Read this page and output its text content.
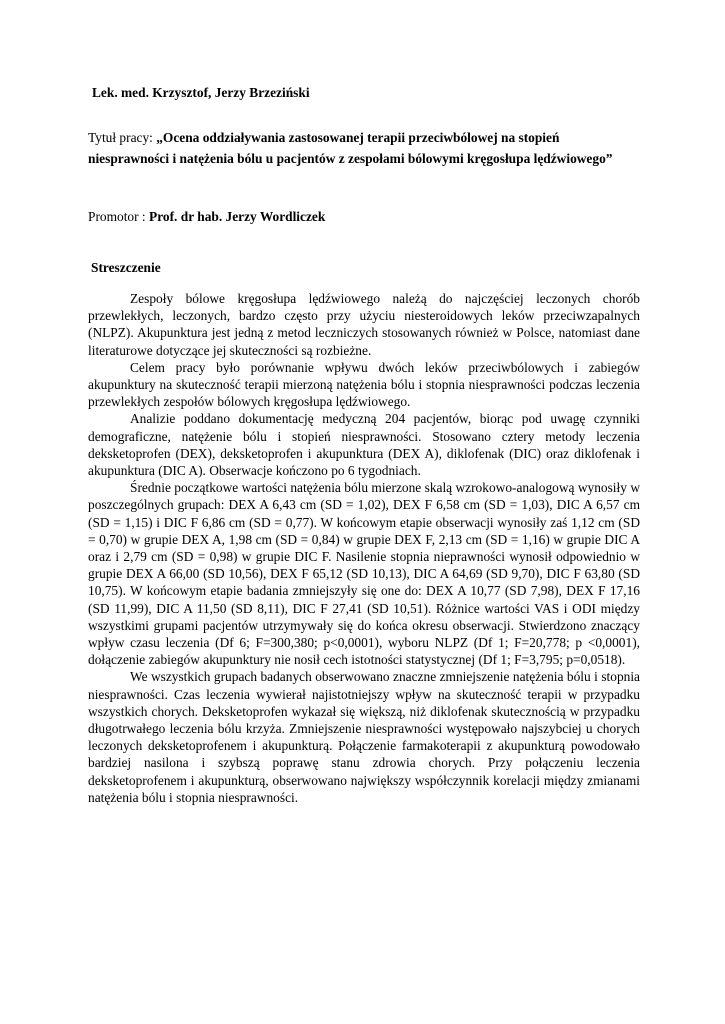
Lek. med. Krzysztof, Jerzy Brzeziński
Tytuł pracy: „Ocena oddziaływania zastosowanej terapii przeciwbólowej na stopień
niesprawności i natężenia bólu u pacjentów z zespołami bólowymi kręgosłupa lędźwiowego”
Promotor : Prof. dr hab. Jerzy Wordliczek
Streszczenie

Zespoły bólowe kręgosłupa lędźwiowego należą do najczęściej leczonych chorób przewlekłych, leczonych, bardzo często przy użyciu niesteroidowych leków przeciwzapalnych (NLPZ). Akupunktura jest jedną z metod leczniczych stosowanych również w Polsce, natomiast dane literaturowe dotyczące jej skuteczności są rozbieżne.

Celem pracy było porównanie wpływu dwóch leków przeciwbólowych i zabiegów akupunktury na skuteczność terapii mierzoną natężenia bólu i stopnia niesprawności podczas leczenia przewlekłych zespołów bólowych kręgosłupa lędźwiowego.

Analizie poddano dokumentację medyczną 204 pacjentów, biorąc pod uwagę czynniki demograficzne, natężenie bólu i stopień niesprawności. Stosowano cztery metody leczenia deksketoprofen (DEX), deksketoprofen i akupunktura (DEX A), diklofenak (DIC) oraz diklofenak i akupunktura (DIC A). Obserwacje kończono po 6 tygodniach.

Średnie początkowe wartości natężenia bólu mierzone skalą wzrokowo-analogową wynosiły w poszczególnych grupach: DEX A 6,43 cm (SD = 1,02), DEX F 6,58 cm (SD = 1,03), DIC A 6,57 cm (SD = 1,15) i DIC F 6,86 cm (SD = 0,77). W końcowym etapie obserwacji wynosiły zaś 1,12 cm (SD = 0,70) w grupie DEX A, 1,98 cm (SD = 0,84) w grupie DEX F, 2,13 cm (SD = 1,16) w grupie DIC A oraz i 2,79 cm (SD = 0,98) w grupie DIC F. Nasilenie stopnia nieprawności wynosił odpowiednio w grupie DEX A 66,00 (SD 10,56), DEX F 65,12 (SD 10,13), DIC A 64,69 (SD 9,70), DIC F 63,80 (SD 10,75). W końcowym etapie badania zmniejszyły się one do: DEX A 10,77 (SD 7,98), DEX F 17,16 (SD 11,99), DIC A 11,50 (SD 8,11), DIC F 27,41 (SD 10,51). Różnice wartości VAS i ODI między wszystkimi grupami pacjentów utrzymywały się do końca okresu obserwacji. Stwierdzono znaczący wpływ czasu leczenia (Df 6; F=300,380; p<0,0001), wyboru NLPZ (Df 1; F=20,778; p <0,0001), dołączenie zabiegów akupunktury nie nosił cech istotności statystycznej (Df 1; F=3,795; p=0,0518).

We wszystkich grupach badanych obserwowano znaczne zmniejszenie natężenia bólu i stopnia niesprawności. Czas leczenia wywierał najistotniejszy wpływ na skuteczność terapii w przypadku wszystkich chorych. Deksketoprofen wykazał się większą, niż diklofenak skutecznością w przypadku długotrwałego leczenia bólu krzyża. Zmniejszenie niesprawności występowało najszybciej u chorych leczonych deksketoprofenem i akupunkturą. Połączenie farmakoterapii z akupunkturą powodowało bardziej nasilona i szybszą poprawę stanu zdrowia chorych. Przy połączeniu leczenia deksketoprofenem i akupunkturą, obserwowano największy współczynnik korelacji między zmianami natężenia bólu i stopnia niesprawności.
